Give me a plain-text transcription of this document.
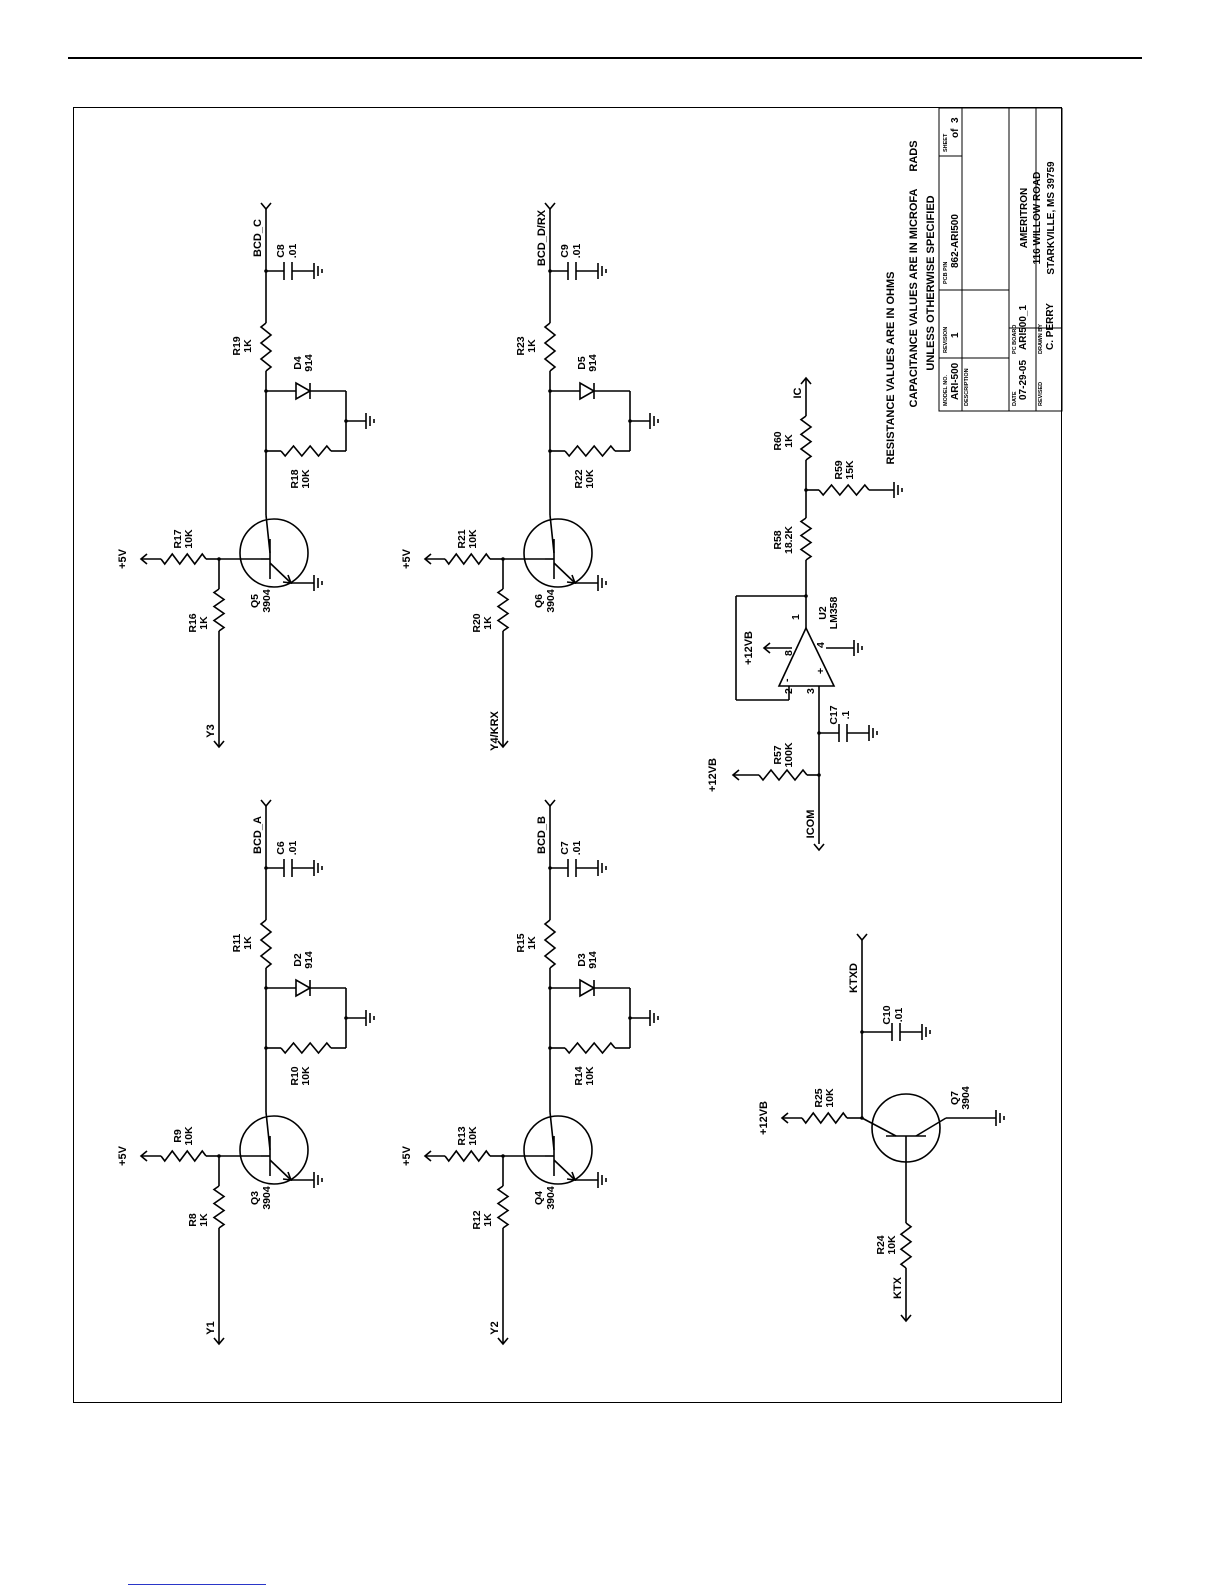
Y1
R8 1K
+5V
R9 10K
Q3 3904
R10 10K
D2 914
R11 1K
C6 .01
BCD_A
Y2
R12 1K
+5V
R13 10K
Q4 3904
R14 10K
D3 914
R15 1K
C7 .01
BCD_B
Y3
R16 1K
+5V
R17 10K
Q5 3904
R18 10K
D4 914
R19 1K
C8 .01
BCD_C
Y4/KRX
R20 1K
+5V
R21 10K
Q6 3904
R22 10K
D5 914
R23 1K
C9 .01
BCD_D/RX
KTX
R24 10K
Q7 3904
+12VB
R25 10K
C10 .01
KTXD
ICOM
+12VB
R57 100K
C17 .1
2 3
1
8
4
-
+
+12VB
U2 LM358
R58 18.2K
R59 15K
R60 1K
IC	RESISTANCE VALUES ARE IN OHMS CAPACITANCE VALUES ARE IN MICROFA
RADS
UNLESS OTHERWISE SPECIFIED
MODEL NO. ARI-500
REVISION 1
PCB P/N
862-ARI500
SHEET
of
3
DESCRIPTION	DATE 07-29-05
PC BOARD ARI500_1
REVISED
DRAWN BY C. PERRY
AMERITRON 116 WILLOW ROAD STARKVILLE, MS 39759
